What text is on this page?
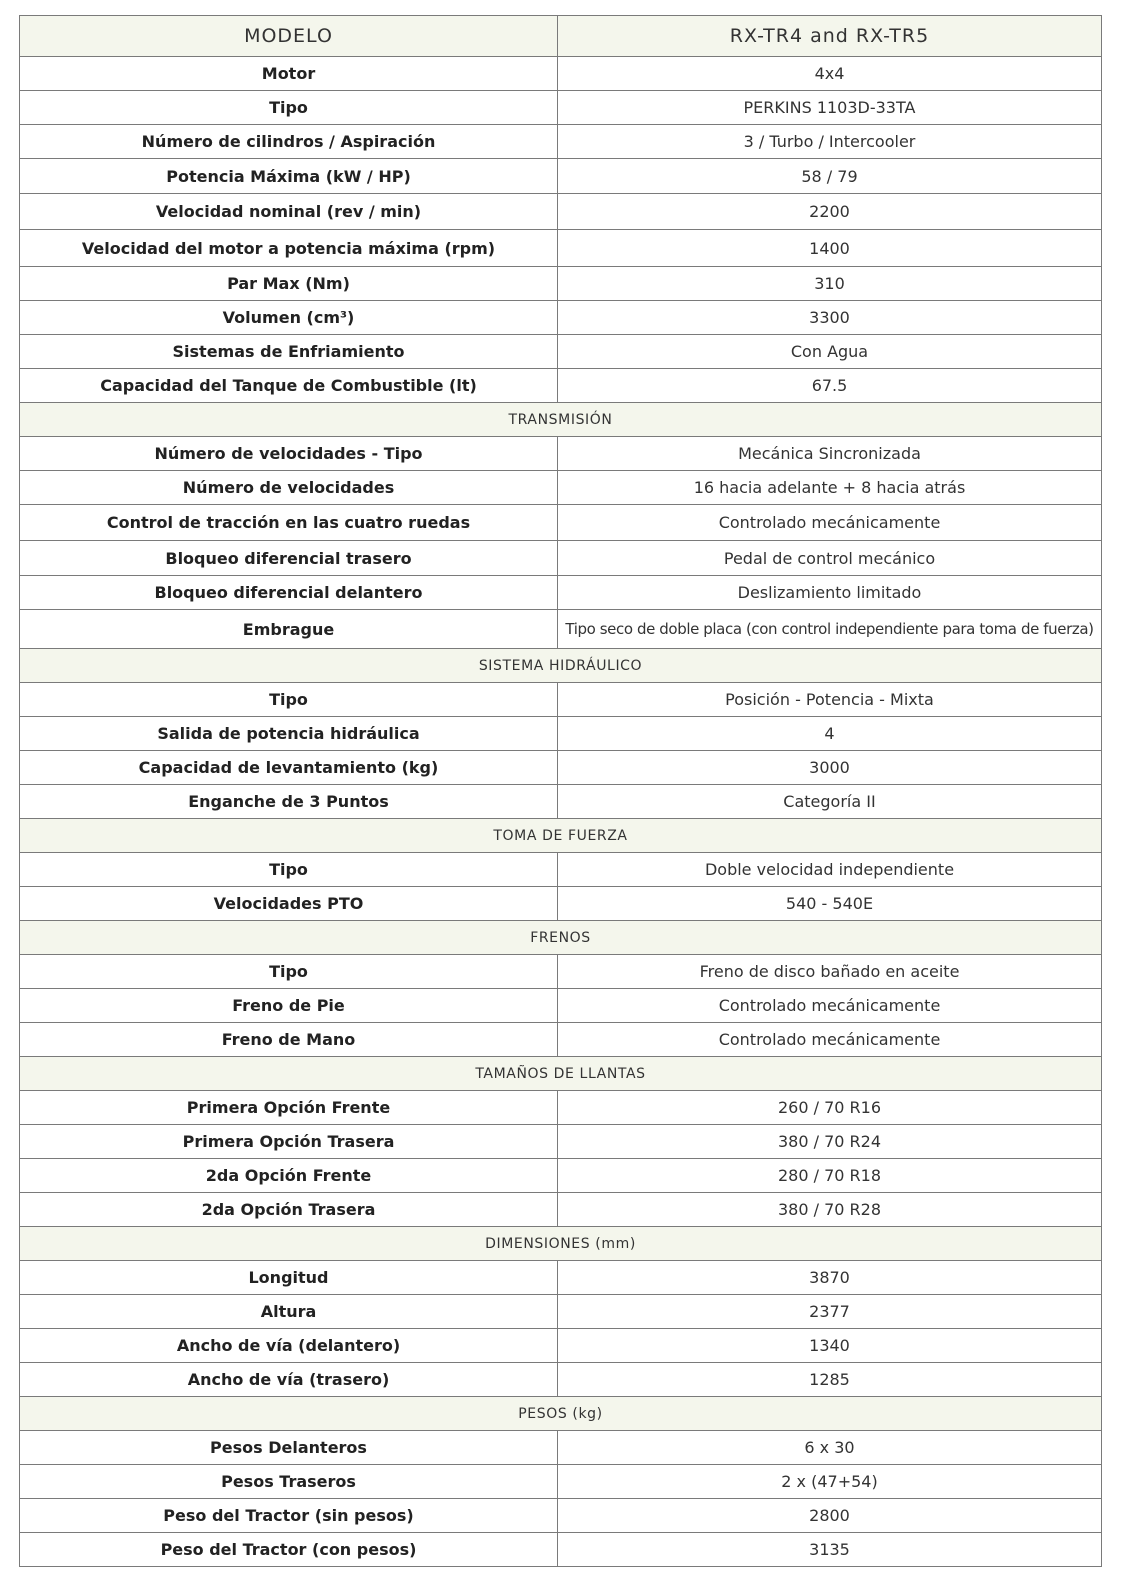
MODELO	RX-TR4 and RX-TR5
Motor	4x4
Tipo	PERKINS 1103D-33TA
Número de cilindros / Aspiración	3 / Turbo / Intercooler
Potencia Máxima (kW / HP)	58 / 79
Velocidad nominal (rev / min)	2200
Velocidad del motor a potencia máxima (rpm)	1400
Par Max (Nm)	310
Volumen (cm³)	3300
Sistemas de Enfriamiento	Con Agua
Capacidad del Tanque de Combustible (lt)	67.5
TRANSMISIÓN	
Número de velocidades - Tipo	Mecánica Sincronizada
Número de velocidades	16 hacia adelante + 8 hacia atrás
Control de tracción en las cuatro ruedas	Controlado mecánicamente
Bloqueo diferencial trasero	Pedal de control mecánico
Bloqueo diferencial delantero	Deslizamiento limitado
Embrague	Tipo seco de doble placa (con control independiente para toma de fuerza)
SISTEMA HIDRÁULICO	
Tipo	Posición - Potencia - Mixta
Salida de potencia hidráulica	4
Capacidad de levantamiento (kg)	3000
Enganche de 3 Puntos	Categoría II
TOMA DE FUERZA	
Tipo	Doble velocidad independiente
Velocidades PTO	540 - 540E
FRENOS	
Tipo	Freno de disco bañado en aceite
Freno de Pie	Controlado mecánicamente
Freno de Mano	Controlado mecánicamente
TAMAÑOS DE LLANTAS	
Primera Opción Frente	260 / 70 R16
Primera Opción Trasera	380 / 70 R24
2da Opción Frente	280 / 70 R18
2da Opción Trasera	380 / 70 R28
DIMENSIONES (mm)	
Longitud	3870
Altura	2377
Ancho de vía (delantero)	1340
Ancho de vía (trasero)	1285
PESOS (kg)	
Pesos Delanteros	6 x 30
Pesos Traseros	2 x (47+54)
Peso del Tractor (sin pesos)	2800
Peso del Tractor (con pesos)	3135
